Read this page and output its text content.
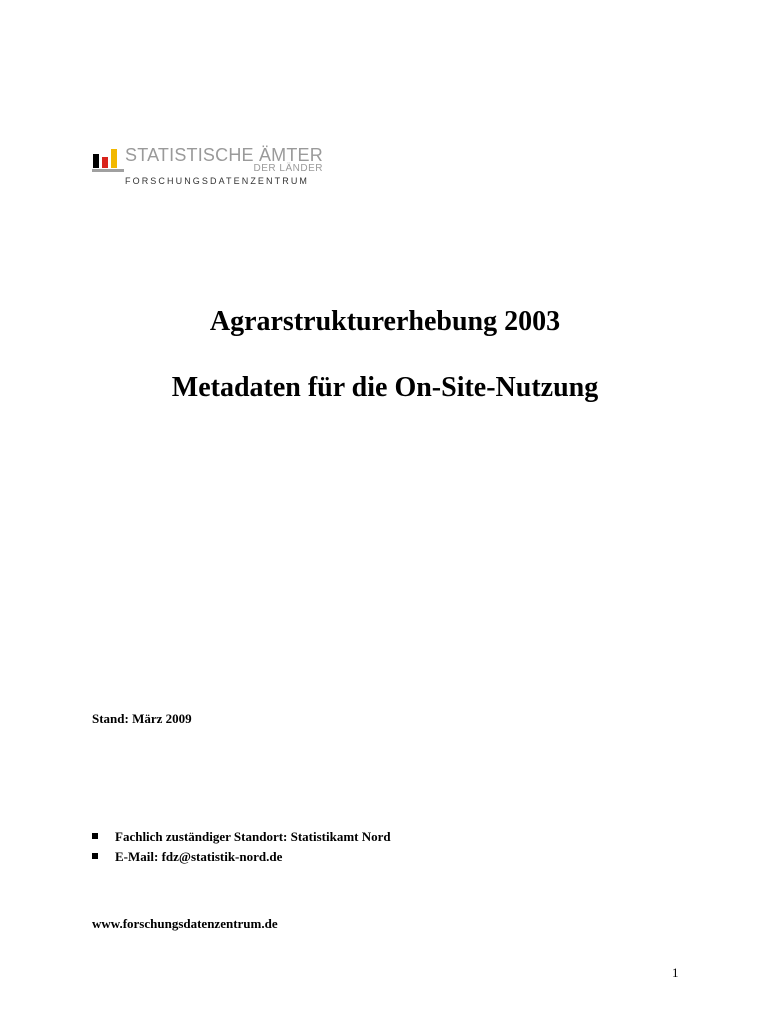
STATISTISCHE ÄMTER
DER LÄNDER
FORSCHUNGSDATENZENTRUM
Agrarstrukturerhebung 2003
Metadaten für die On-Site-Nutzung
Stand: März 2009
Fachlich zuständiger Standort: Statistikamt Nord
E-Mail: fdz@statistik-nord.de
www.forschungsdatenzentrum.de
1
